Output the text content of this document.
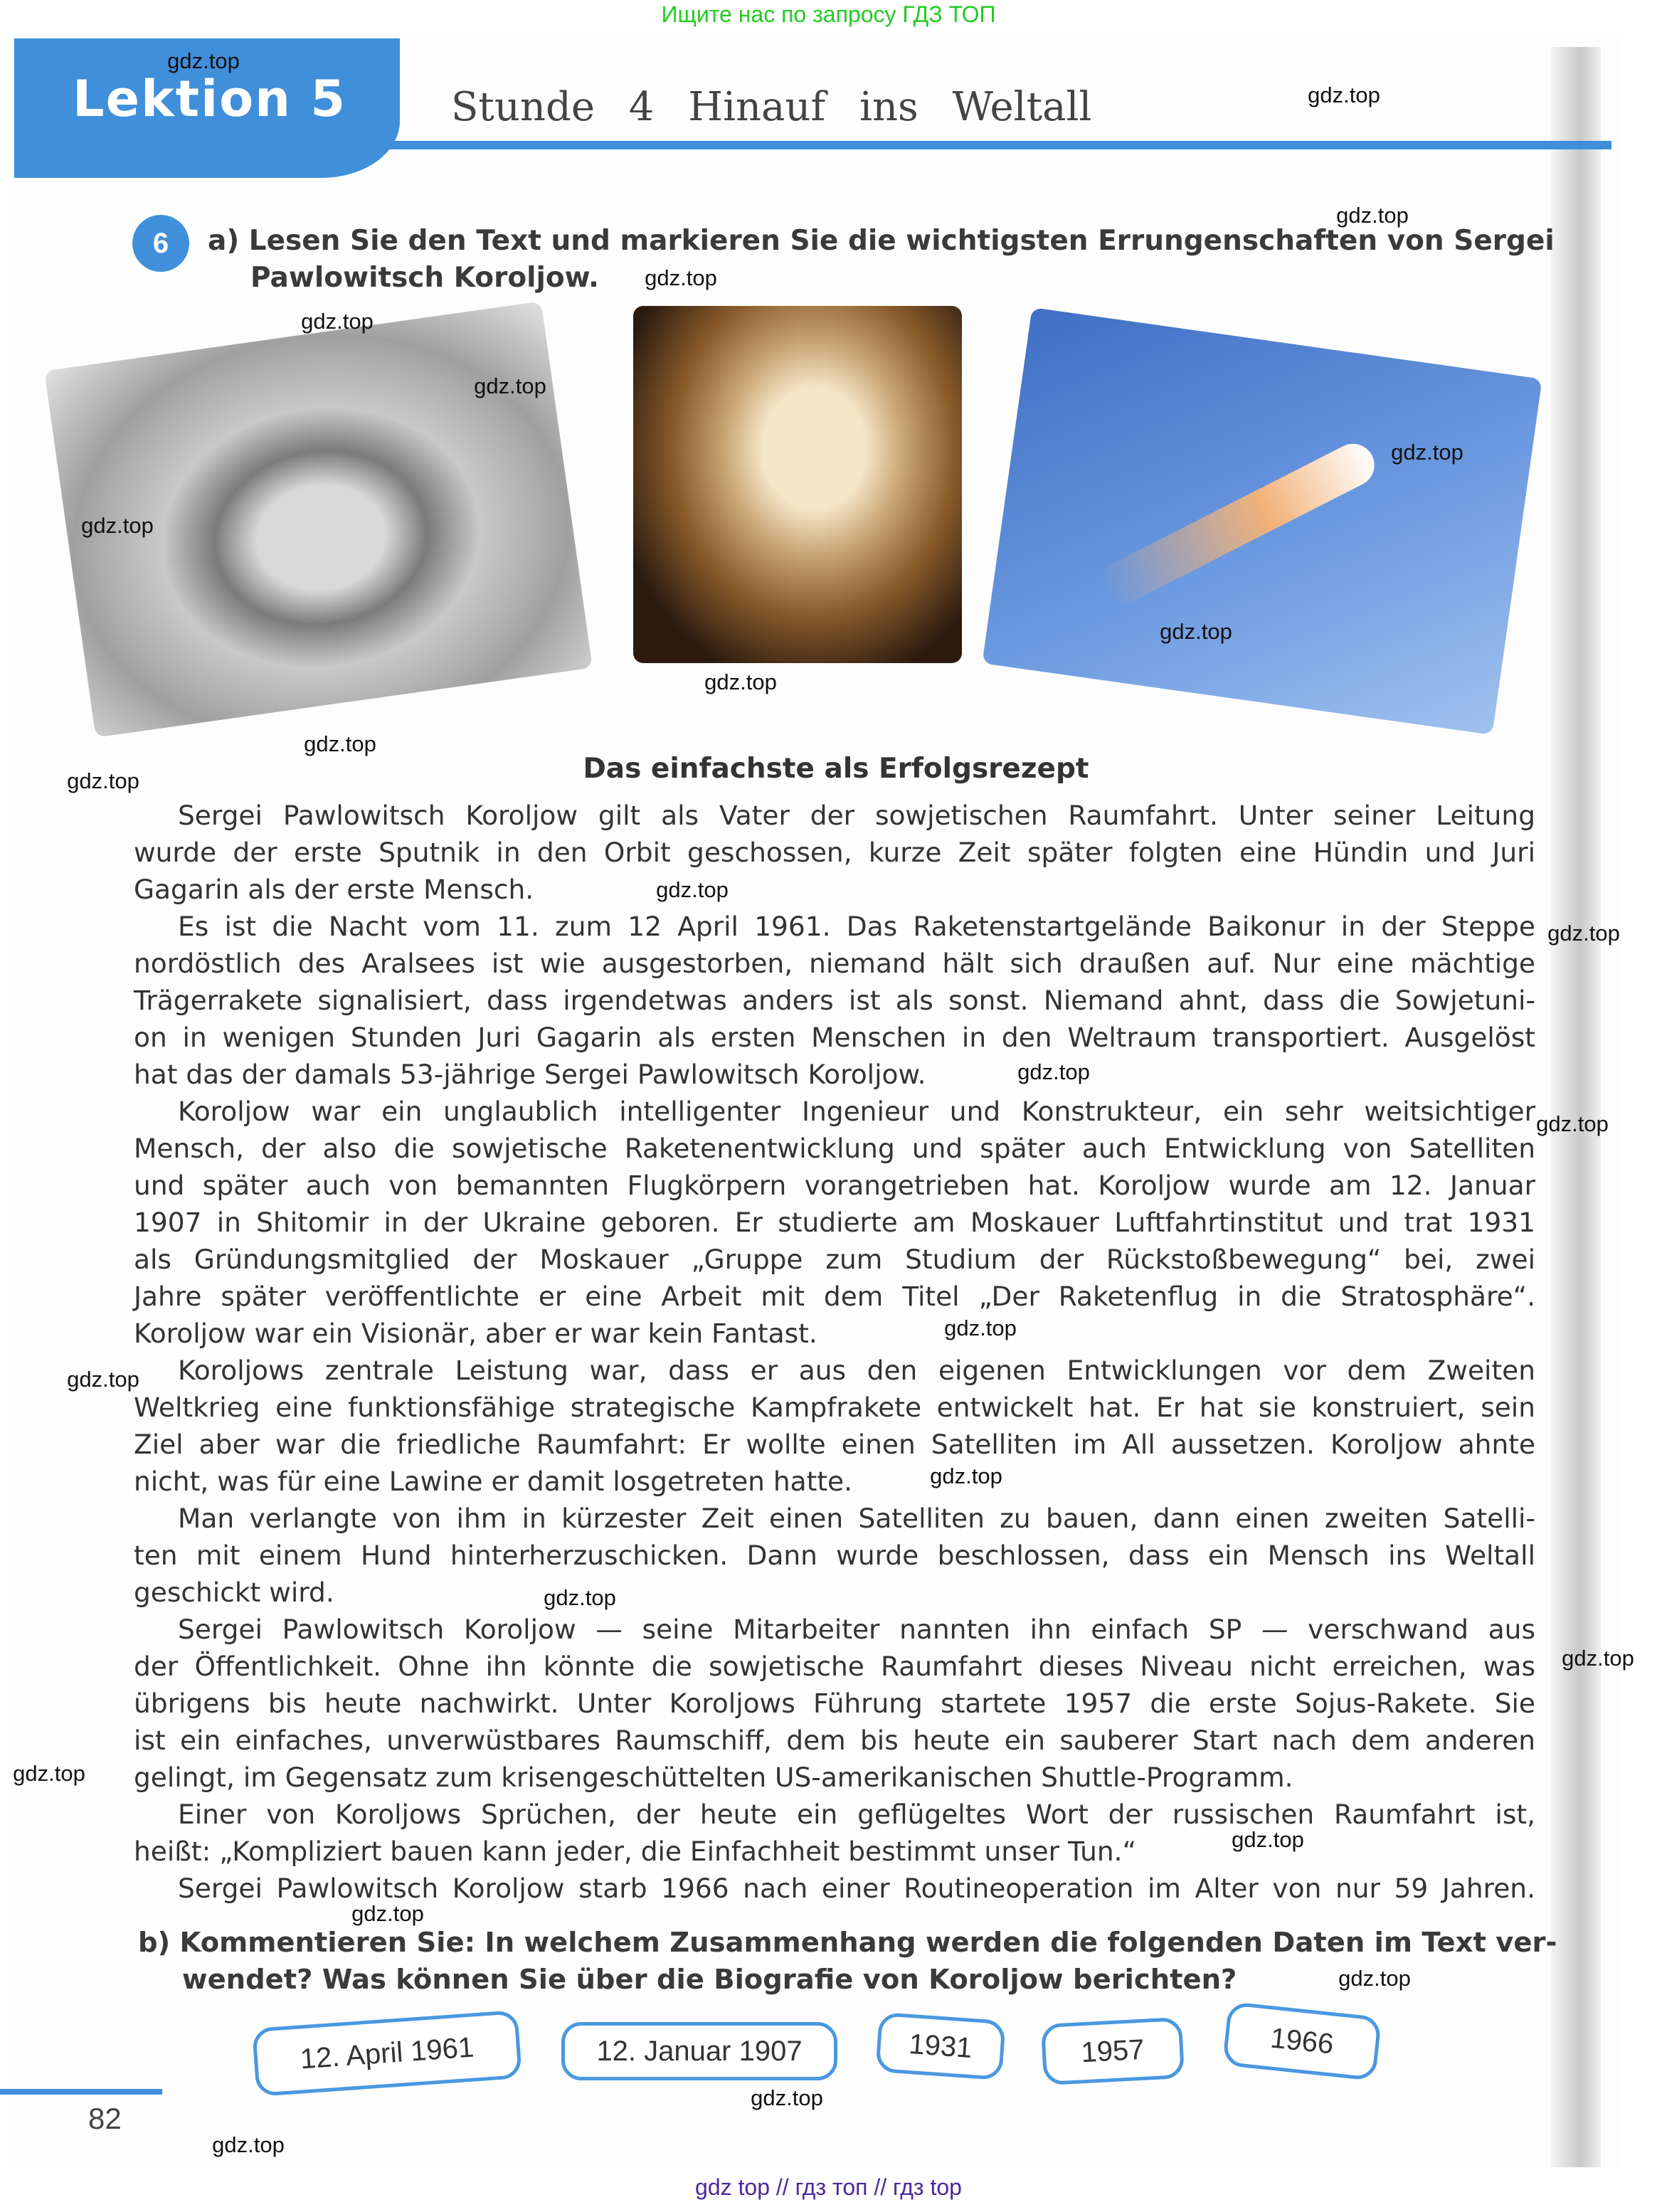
Ищите нас по запросу ГДЗ ТОП
Lektion 5	Stunde 4 Hinauf ins Weltall
6	a) Lesen Sie den Text und markieren Sie die wichtigsten Errungenschaften von Sergei
Pawlowitsch Koroljow.
Das einfachste als Erfolgsrezept
Sergei Pawlowitsch Koroljow gilt als Vater der sowjetischen Raumfahrt. Unter seiner Leitung
wurde der erste Sputnik in den Orbit geschossen, kurze Zeit später folgten eine Hündin und Juri
Gagarin als der erste Mensch.
Es ist die Nacht vom 11. zum 12 April 1961. Das Raketenstartgelände Baikonur in der Steppe
nordöstlich des Aralsees ist wie ausgestorben, niemand hält sich draußen auf. Nur eine mächtige
Trägerrakete signalisiert, dass irgendetwas anders ist als sonst. Niemand ahnt, dass die Sowjetuni-
on in wenigen Stunden Juri Gagarin als ersten Menschen in den Weltraum transportiert. Ausgelöst
hat das der damals 53-jährige Sergei Pawlowitsch Koroljow.
Koroljow war ein unglaublich intelligenter Ingenieur und Konstrukteur, ein sehr weitsichtiger
Mensch, der also die sowjetische Raketenentwicklung und später auch Entwicklung von Satelliten
und später auch von bemannten Flugkörpern vorangetrieben hat. Koroljow wurde am 12. Januar
1907 in Shitomir in der Ukraine geboren. Er studierte am Moskauer Luftfahrtinstitut und trat 1931
als Gründungsmitglied der Moskauer „Gruppe zum Studium der Rückstoßbewegung“ bei, zwei
Jahre später veröffentlichte er eine Arbeit mit dem Titel „Der Raketenflug in die Stratosphäre“.
Koroljow war ein Visionär, aber er war kein Fantast.
Koroljows zentrale Leistung war, dass er aus den eigenen Entwicklungen vor dem Zweiten
Weltkrieg eine funktionsfähige strategische Kampfrakete entwickelt hat. Er hat sie konstruiert, sein
Ziel aber war die friedliche Raumfahrt: Er wollte einen Satelliten im All aussetzen. Koroljow ahnte
nicht, was für eine Lawine er damit losgetreten hatte.
Man verlangte von ihm in kürzester Zeit einen Satelliten zu bauen, dann einen zweiten Satelli-
ten mit einem Hund hinterherzuschicken. Dann wurde beschlossen, dass ein Mensch ins Weltall
geschickt wird.
Sergei Pawlowitsch Koroljow — seine Mitarbeiter nannten ihn einfach SP — verschwand aus
der Öffentlichkeit. Ohne ihn könnte die sowjetische Raumfahrt dieses Niveau nicht erreichen, was
übrigens bis heute nachwirkt. Unter Koroljows Führung startete 1957 die erste Sojus-Rakete. Sie
ist ein einfaches, unverwüstbares Raumschiff, dem bis heute ein sauberer Start nach dem anderen
gelingt, im Gegensatz zum krisengeschüttelten US-amerikanischen Shuttle-Programm.
Einer von Koroljows Sprüchen, der heute ein geflügeltes Wort der russischen Raumfahrt ist,
heißt: „Kompliziert bauen kann jeder, die Einfachheit bestimmt unser Tun.“
Sergei Pawlowitsch Koroljow starb 1966 nach einer Routineoperation im Alter von nur 59 Jahren.
b) Kommentieren Sie: In welchem Zusammenhang werden die folgenden Daten im Text ver-
wendet? Was können Sie über die Biografie von Koroljow berichten?
12. April 1961	12. Januar 1907	1931	1957	1966
82
gdz.top
gdz.top
gdz.top
gdz.top
gdz.top
gdz.top
gdz.top
gdz.top
gdz.top
gdz.top
gdz.top
gdz.top
gdz.top
gdz.top
gdz.top
gdz.top
gdz.top
gdz.top
gdz.top
gdz.top
gdz.top
gdz.top
gdz.top
gdz.top
gdz.top
gdz.top
gdz.top
gdz top // гдз топ // гдз top
